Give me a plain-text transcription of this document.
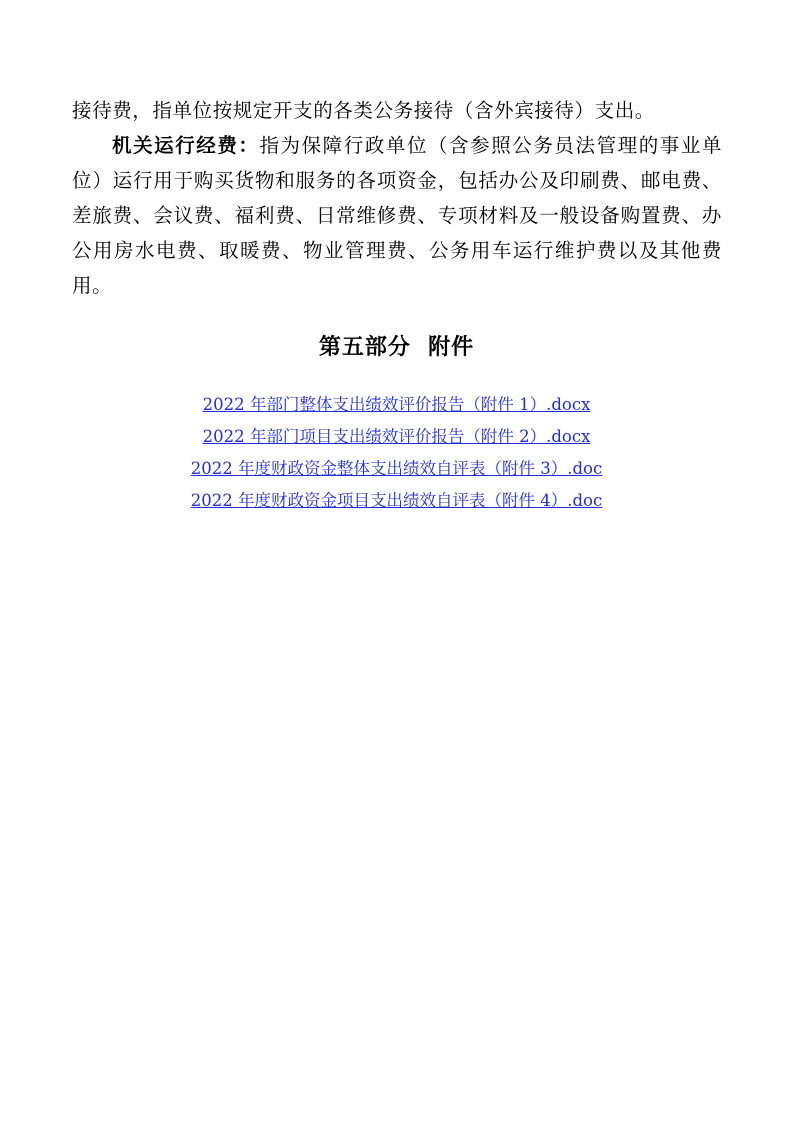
接待费，指单位按规定开支的各类公务接待（含外宾接待）支出。

机关运行经费：指为保障行政单位（含参照公务员法管理的事业单位）运行用于购买货物和服务的各项资金，包括办公及印刷费、邮电费、差旅费、会议费、福利费、日常维修费、专项材料及一般设备购置费、办公用房水电费、取暖费、物业管理费、公务用车运行维护费以及其他费用。

第五部分  附件
2022 年部门整体支出绩效评价报告（附件 1）.docx
2022 年部门项目支出绩效评价报告（附件 2）.docx
2022 年度财政资金整体支出绩效自评表（附件 3）.doc
2022 年度财政资金项目支出绩效自评表（附件 4）.doc
